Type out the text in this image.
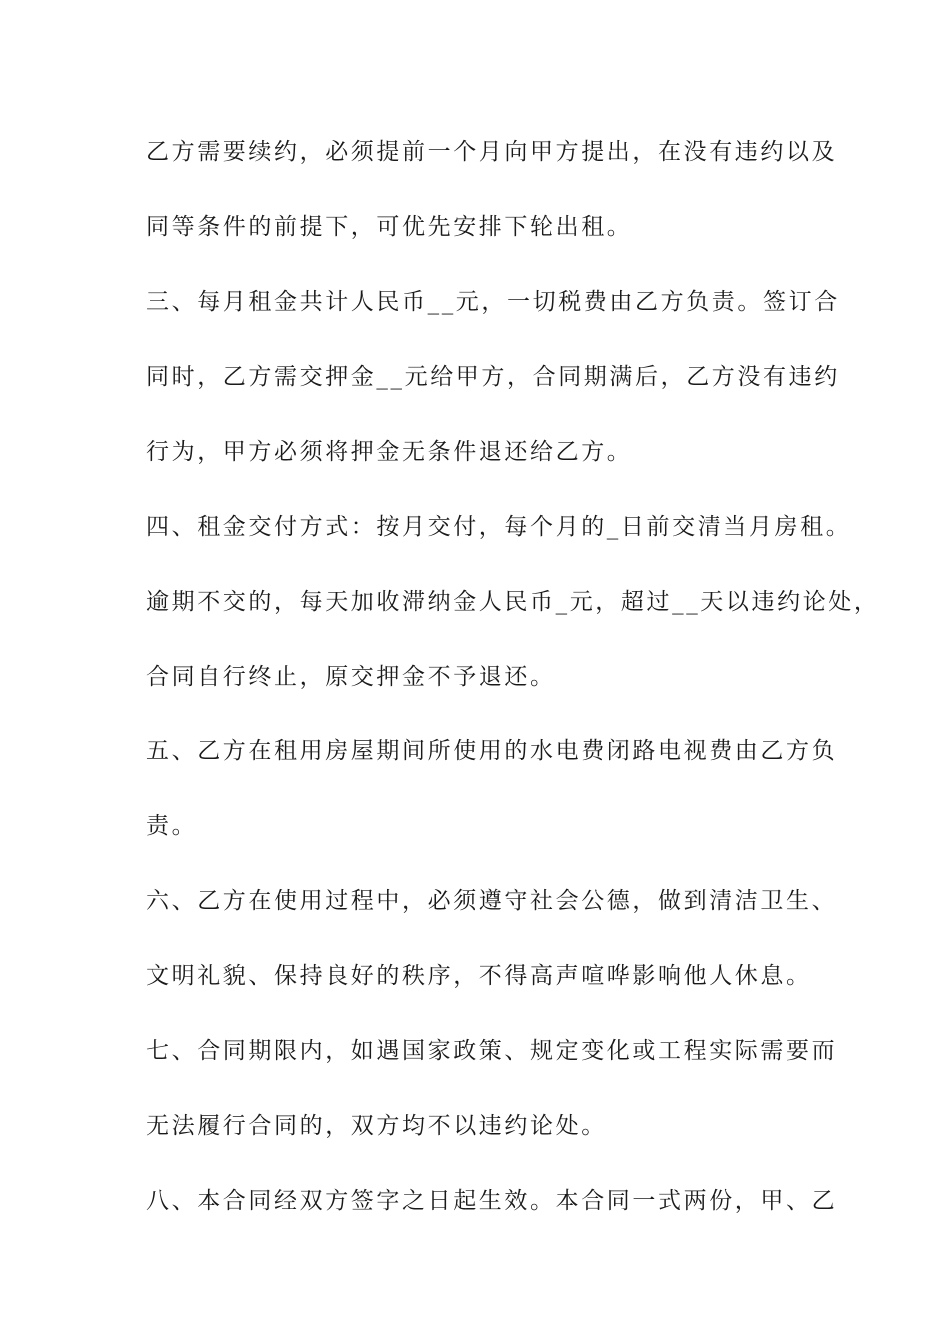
乙方需要续约，必须提前一个月向甲方提出，在没有违约以及
同等条件的前提下，可优先安排下轮出租。
三、每月租金共计人民币__元，一切税费由乙方负责。签订合
同时，乙方需交押金__元给甲方，合同期满后，乙方没有违约
行为，甲方必须将押金无条件退还给乙方。
四、租金交付方式：按月交付，每个月的_日前交清当月房租。
逾期不交的，每天加收滞纳金人民币_元，超过__天以违约论处，
合同自行终止，原交押金不予退还。
五、乙方在租用房屋期间所使用的水电费闭路电视费由乙方负
责。
六、乙方在使用过程中，必须遵守社会公德，做到清洁卫生、
文明礼貌、保持良好的秩序，不得高声喧哗影响他人休息。
七、合同期限内，如遇国家政策、规定变化或工程实际需要而
无法履行合同的，双方均不以违约论处。
八、本合同经双方签字之日起生效。本合同一式两份，甲、乙
